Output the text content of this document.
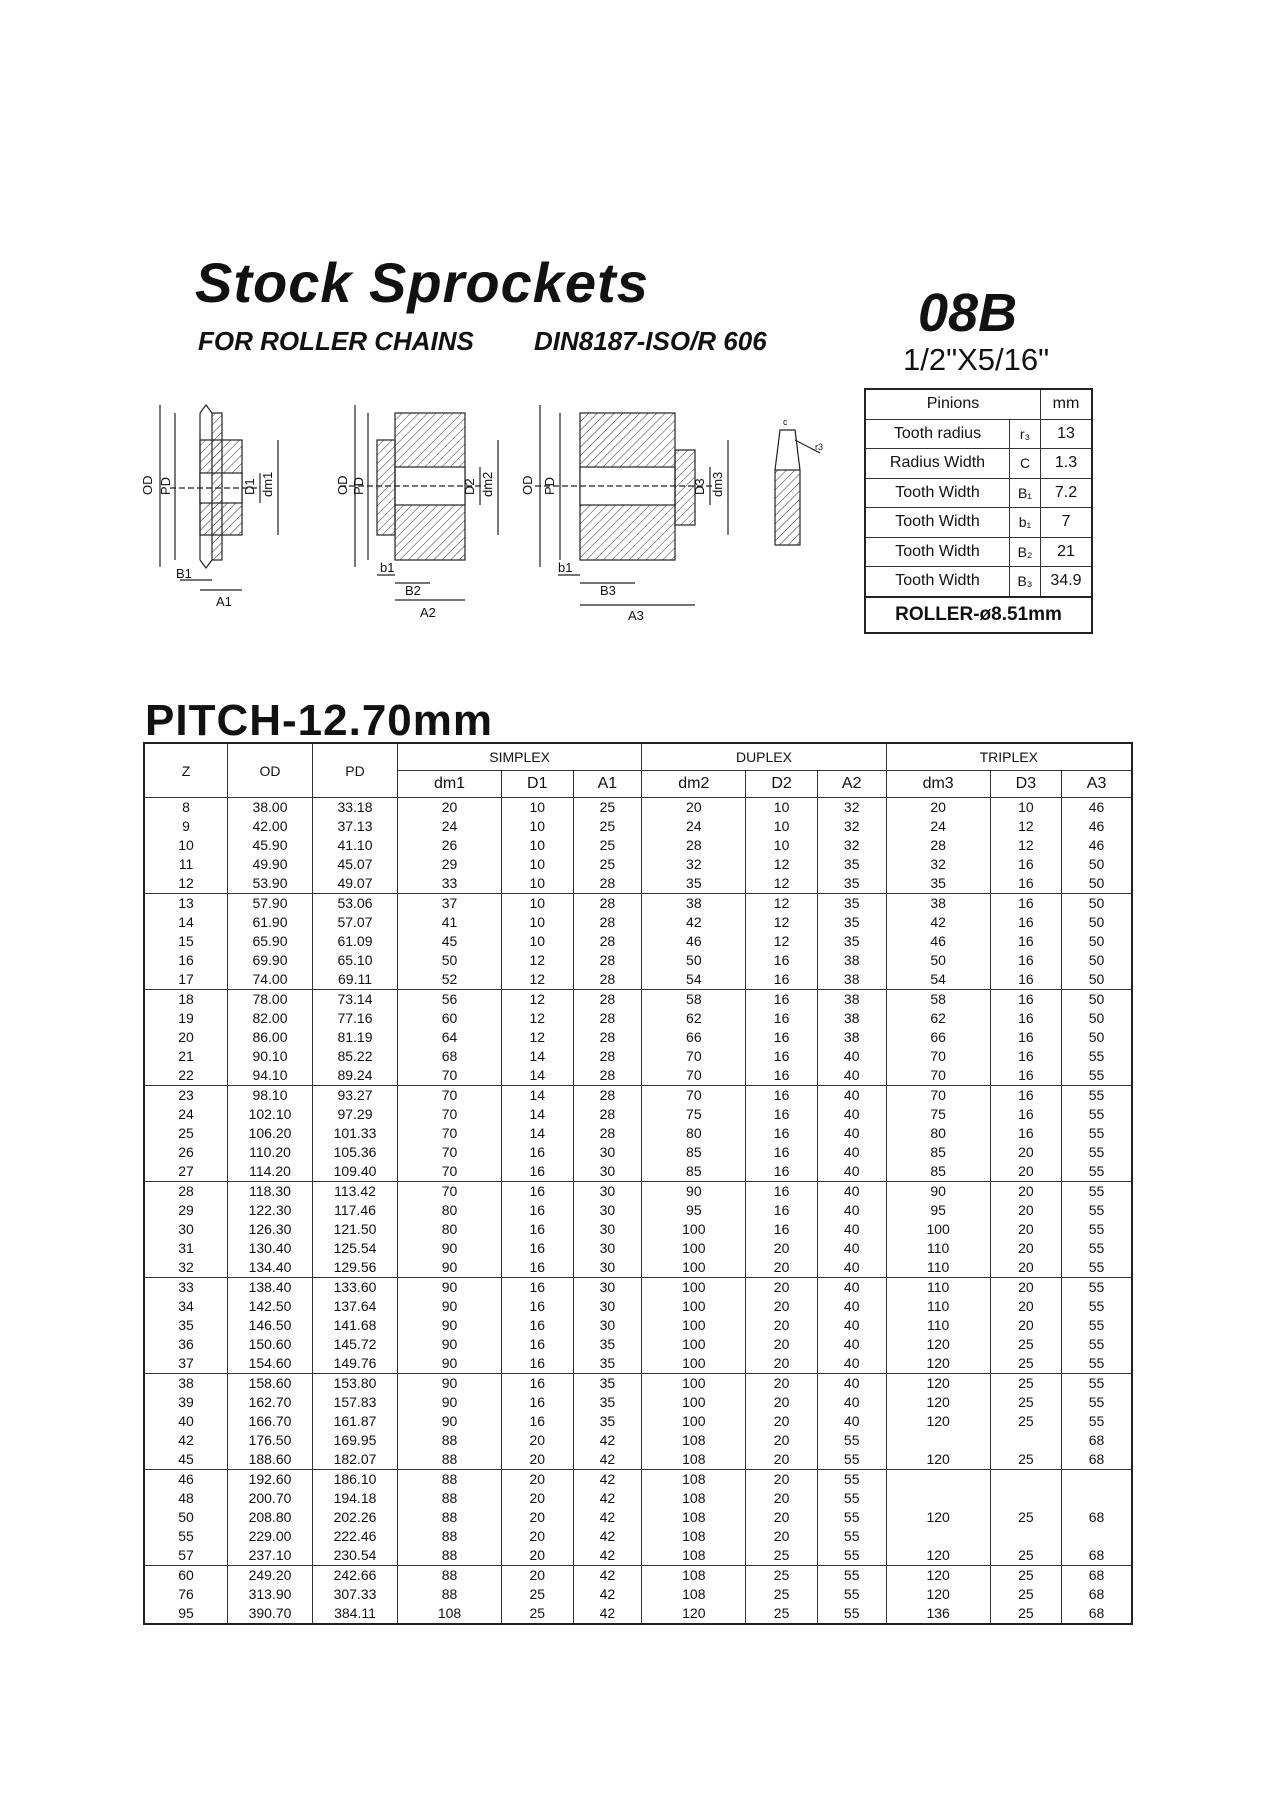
Stock Sprockets
FOR ROLLER CHAINS DIN8187-ISO/R 606	08B
1/2"X5/16"
OD PD	D1 dm1
B1
A1
OD PD	D2 dm2
b1
B2
A2
OD PD	D3 dm3
b1
B3
A3
c
r3
Pinions		mm
Tooth radius	r₃	13
Radius Width	C	1.3
Tooth Width	B₁	7.2
Tooth Width	b₁	7
Tooth Width	B₂	21
Tooth Width	B₃	34.9
ROLLER-ø8.51mm		
PITCH-12.70mm
Z	OD	PD	SIMPLEX			DUPLEX			TRIPLEX		
			dm1	D1	A1	dm2	D2	A2	dm3	D3	A3
8	38.00	33.18	20	10	25	20	10	32	20	10	46
9	42.00	37.13	24	10	25	24	10	32	24	12	46
10	45.90	41.10	26	10	25	28	10	32	28	12	46
11	49.90	45.07	29	10	25	32	12	35	32	16	50
12	53.90	49.07	33	10	28	35	12	35	35	16	50
13	57.90	53.06	37	10	28	38	12	35	38	16	50
14	61.90	57.07	41	10	28	42	12	35	42	16	50
15	65.90	61.09	45	10	28	46	12	35	46	16	50
16	69.90	65.10	50	12	28	50	16	38	50	16	50
17	74.00	69.11	52	12	28	54	16	38	54	16	50
18	78.00	73.14	56	12	28	58	16	38	58	16	50
19	82.00	77.16	60	12	28	62	16	38	62	16	50
20	86.00	81.19	64	12	28	66	16	38	66	16	50
21	90.10	85.22	68	14	28	70	16	40	70	16	55
22	94.10	89.24	70	14	28	70	16	40	70	16	55
23	98.10	93.27	70	14	28	70	16	40	70	16	55
24	102.10	97.29	70	14	28	75	16	40	75	16	55
25	106.20	101.33	70	14	28	80	16	40	80	16	55
26	110.20	105.36	70	16	30	85	16	40	85	20	55
27	114.20	109.40	70	16	30	85	16	40	85	20	55
28	118.30	113.42	70	16	30	90	16	40	90	20	55
29	122.30	117.46	80	16	30	95	16	40	95	20	55
30	126.30	121.50	80	16	30	100	16	40	100	20	55
31	130.40	125.54	90	16	30	100	20	40	110	20	55
32	134.40	129.56	90	16	30	100	20	40	110	20	55
33	138.40	133.60	90	16	30	100	20	40	110	20	55
34	142.50	137.64	90	16	30	100	20	40	110	20	55
35	146.50	141.68	90	16	30	100	20	40	110	20	55
36	150.60	145.72	90	16	35	100	20	40	120	25	55
37	154.60	149.76	90	16	35	100	20	40	120	25	55
38	158.60	153.80	90	16	35	100	20	40	120	25	55
39	162.70	157.83	90	16	35	100	20	40	120	25	55
40	166.70	161.87	90	16	35	100	20	40	120	25	55
42	176.50	169.95	88	20	42	108	20	55			68
45	188.60	182.07	88	20	42	108	20	55	120	25	68
46	192.60	186.10	88	20	42	108	20	55			
48	200.70	194.18	88	20	42	108	20	55			
50	208.80	202.26	88	20	42	108	20	55	120	25	68
55	229.00	222.46	88	20	42	108	20	55			
57	237.10	230.54	88	20	42	108	25	55	120	25	68
60	249.20	242.66	88	20	42	108	25	55	120	25	68
76	313.90	307.33	88	25	42	108	25	55	120	25	68
95	390.70	384.11	108	25	42	120	25	55	136	25	68
